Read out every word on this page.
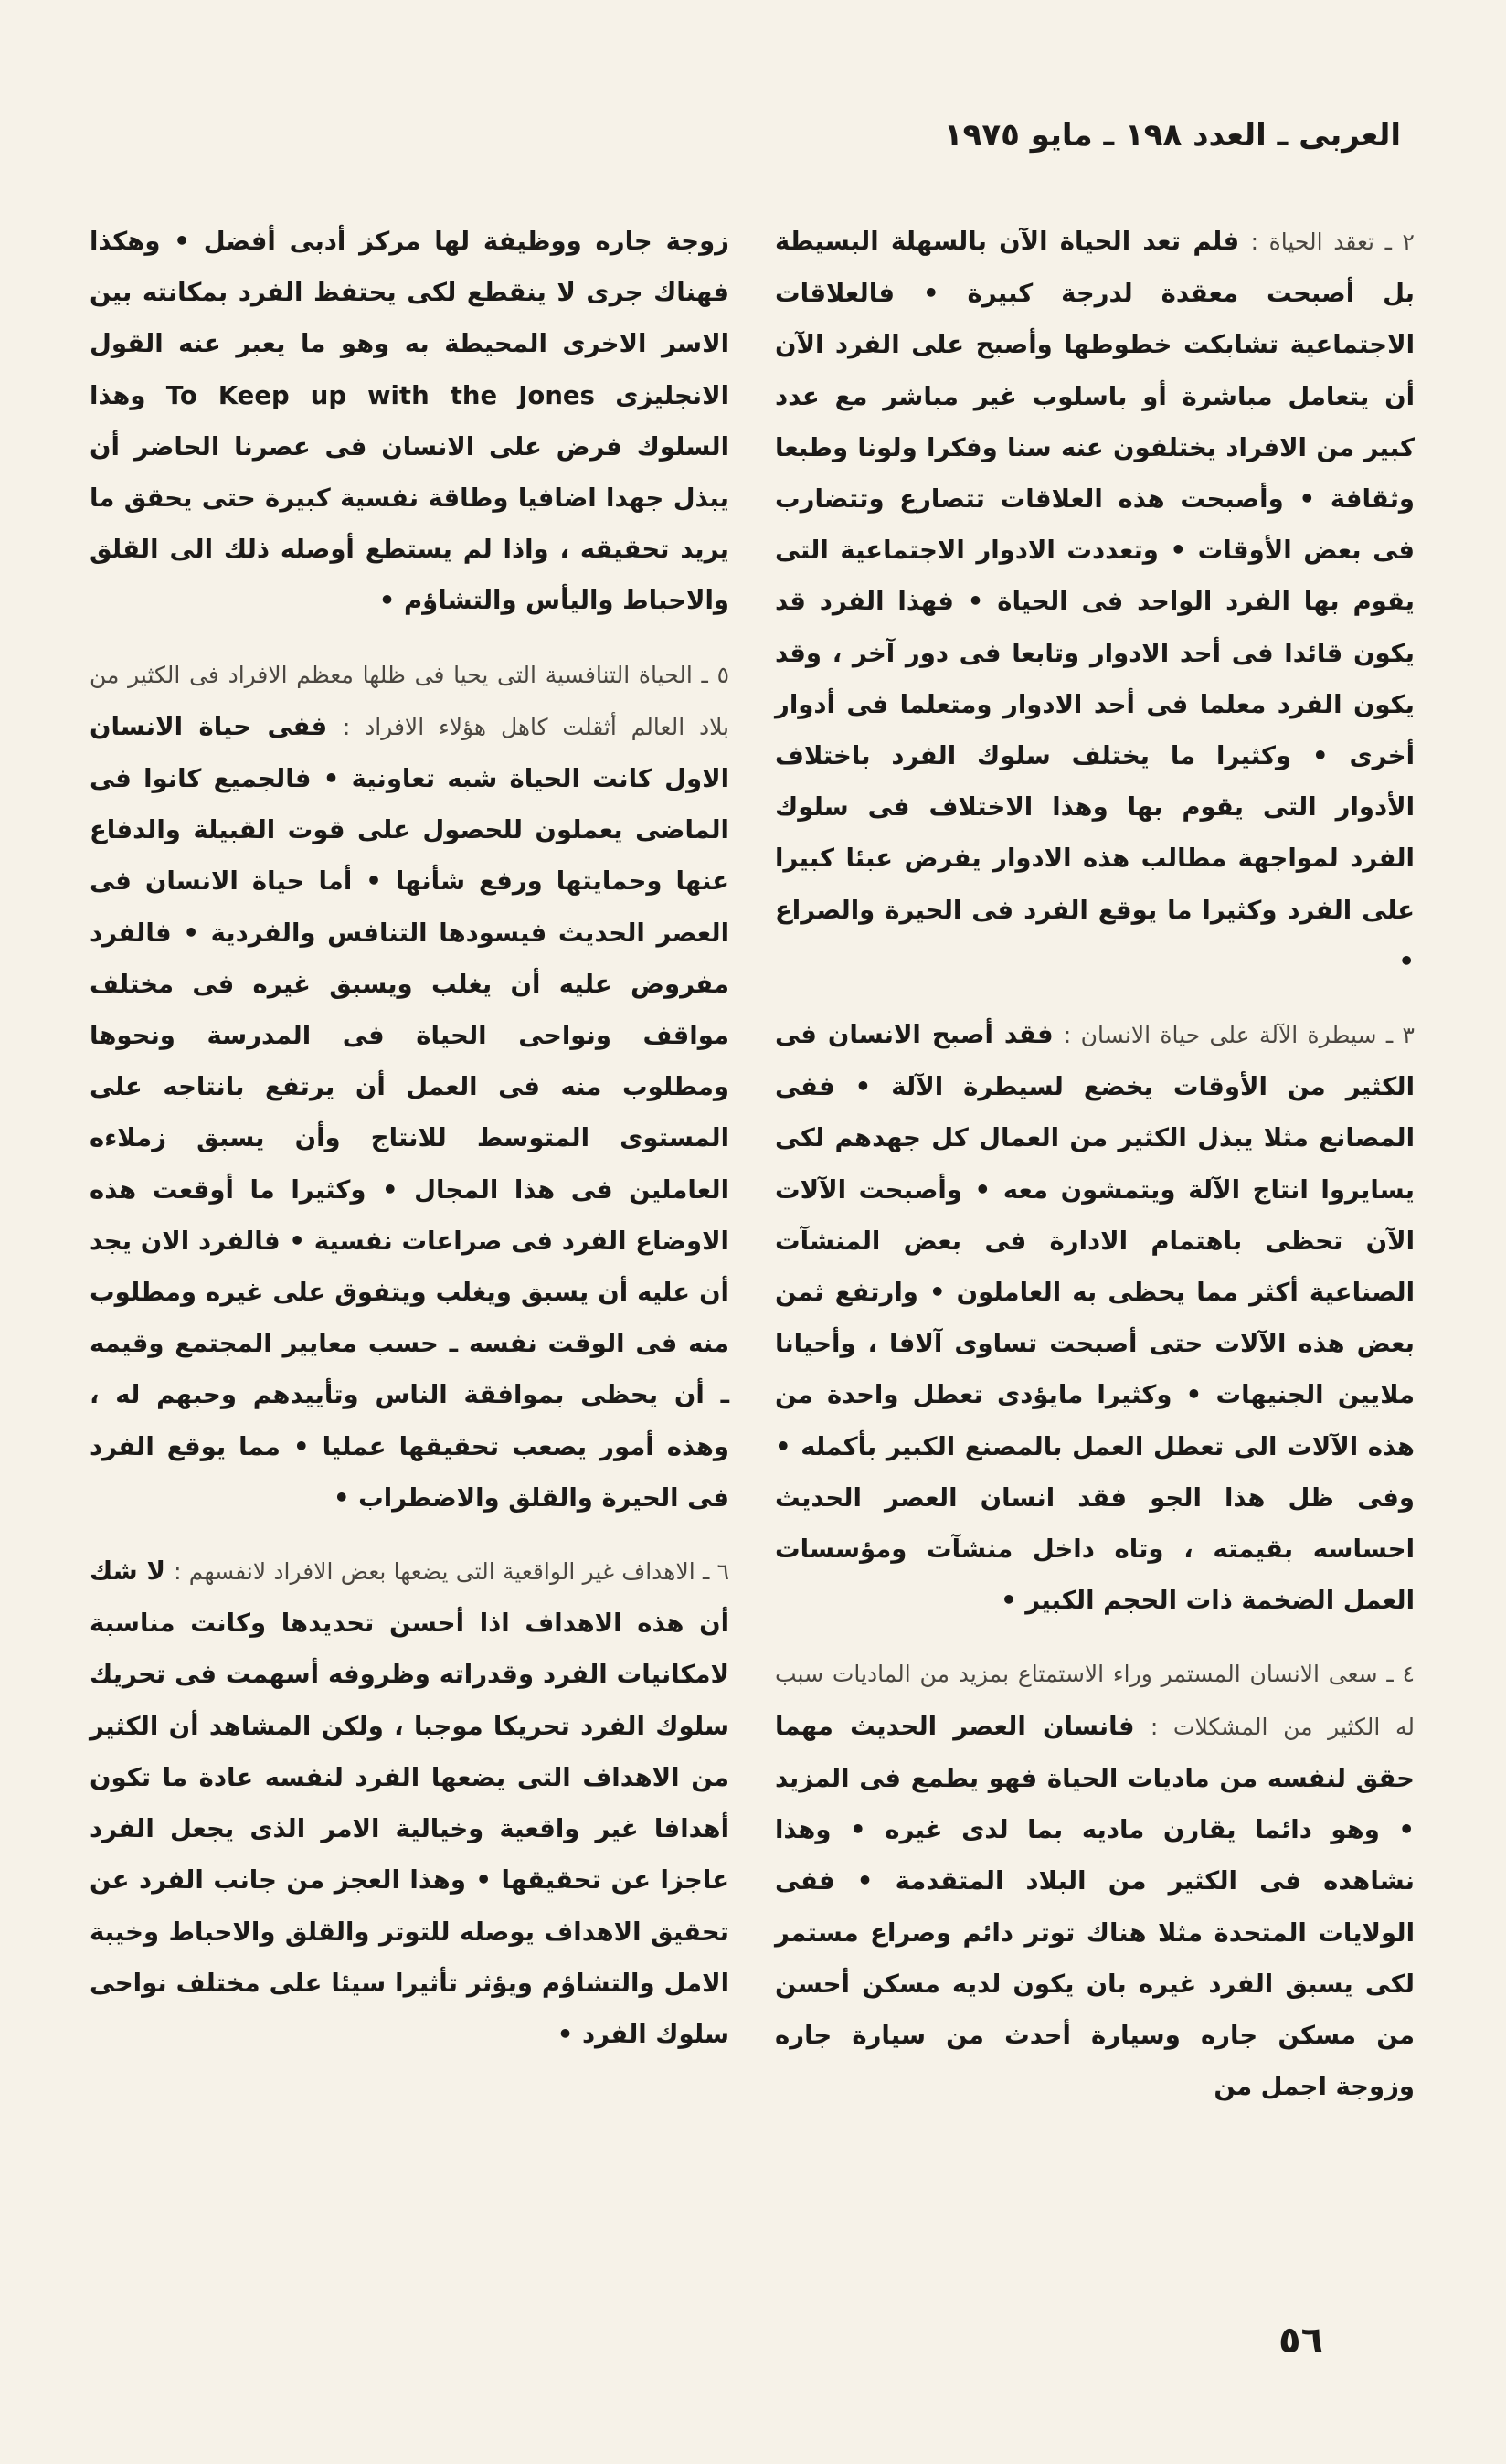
العربى ـ العدد ١٩٨ ـ مايو ١٩٧٥

٢ ـ تعقد الحياة : فلم تعد الحياة الآن بالسهلة البسيطة بل أصبحت معقدة لدرجة كبيرة • فالعلاقات الاجتماعية تشابكت خطوطها وأصبح على الفرد الآن أن يتعامل مباشرة أو باسلوب غير مباشر مع عدد كبير من الافراد يختلفون عنه سنا وفكرا ولونا وطبعا وثقافة • وأصبحت هذه العلاقات تتصارع وتتضارب فى بعض الأوقات • وتعددت الادوار الاجتماعية التى يقوم بها الفرد الواحد فى الحياة • فهذا الفرد قد يكون قائدا فى أحد الادوار وتابعا فى دور آخر ، وقد يكون الفرد معلما فى أحد الادوار ومتعلما فى أدوار أخرى • وكثيرا ما يختلف سلوك الفرد باختلاف الأدوار التى يقوم بها وهذا الاختلاف فى سلوك الفرد لمواجهة مطالب هذه الادوار يفرض عبئا كبيرا على الفرد وكثيرا ما يوقع الفرد فى الحيرة والصراع •

٣ ـ سيطرة الآلة على حياة الانسان : فقد أصبح الانسان فى الكثير من الأوقات يخضع لسيطرة الآلة • ففى المصانع مثلا يبذل الكثير من العمال كل جهدهم لكى يسايروا انتاج الآلة ويتمشون معه • وأصبحت الآلات الآن تحظى باهتمام الادارة فى بعض المنشآت الصناعية أكثر مما يحظى به العاملون • وارتفع ثمن بعض هذه الآلات حتى أصبحت تساوى آلافا ، وأحيانا ملايين الجنيهات • وكثيرا مايؤدى تعطل واحدة من هذه الآلات الى تعطل العمل بالمصنع الكبير بأكمله • وفى ظل هذا الجو فقد انسان العصر الحديث احساسه بقيمته ، وتاه داخل منشآت ومؤسسات العمل الضخمة ذات الحجم الكبير •

٤ ـ سعى الانسان المستمر وراء الاستمتاع بمزيد من الماديات سبب له الكثير من المشكلات : فانسان العصر الحديث مهما حقق لنفسه من ماديات الحياة فهو يطمع فى المزيد • وهو دائما يقارن ماديه بما لدى غيره • وهذا نشاهده فى الكثير من البلاد المتقدمة • ففى الولايات المتحدة مثلا هناك توتر دائم وصراع مستمر لكى يسبق الفرد غيره بان يكون لديه مسكن أحسن من مسكن جاره وسيارة أحدث من سيارة جاره وزوجة اجمل من

زوجة جاره ووظيفة لها مركز أدبى أفضل • وهكذا فهناك جرى لا ينقطع لكى يحتفظ الفرد بمكانته بين الاسر الاخرى المحيطة به وهو ما يعبر عنه القول الانجليزى To Keep up with the Jones وهذا السلوك فرض على الانسان فى عصرنا الحاضر أن يبذل جهدا اضافيا وطاقة نفسية كبيرة حتى يحقق ما يريد تحقيقه ، واذا لم يستطع أوصله ذلك الى القلق والاحباط واليأس والتشاؤم •

٥ ـ الحياة التنافسية التى يحيا فى ظلها معظم الافراد فى الكثير من بلاد العالم أثقلت كاهل هؤلاء الافراد : ففى حياة الانسان الاول كانت الحياة شبه تعاونية • فالجميع كانوا فى الماضى يعملون للحصول على قوت القبيلة والدفاع عنها وحمايتها ورفع شأنها • أما حياة الانسان فى العصر الحديث فيسودها التنافس والفردية • فالفرد مفروض عليه أن يغلب ويسبق غيره فى مختلف مواقف ونواحى الحياة فى المدرسة ونحوها ومطلوب منه فى العمل أن يرتفع بانتاجه على المستوى المتوسط للانتاج وأن يسبق زملاءه العاملين فى هذا المجال • وكثيرا ما أوقعت هذه الاوضاع الفرد فى صراعات نفسية • فالفرد الان يجد أن عليه أن يسبق ويغلب ويتفوق على غيره ومطلوب منه فى الوقت نفسه ـ حسب معايير المجتمع وقيمه ـ أن يحظى بموافقة الناس وتأييدهم وحبهم له ، وهذه أمور يصعب تحقيقها عمليا • مما يوقع الفرد فى الحيرة والقلق والاضطراب •

٦ ـ الاهداف غير الواقعية التى يضعها بعض الافراد لانفسهم : لا شك أن هذه الاهداف اذا أحسن تحديدها وكانت مناسبة لامكانيات الفرد وقدراته وظروفه أسهمت فى تحريك سلوك الفرد تحريكا موجبا ، ولكن المشاهد أن الكثير من الاهداف التى يضعها الفرد لنفسه عادة ما تكون أهدافا غير واقعية وخيالية الامر الذى يجعل الفرد عاجزا عن تحقيقها • وهذا العجز من جانب الفرد عن تحقيق الاهداف يوصله للتوتر والقلق والاحباط وخيبة الامل والتشاؤم ويؤثر تأثيرا سيئا على مختلف نواحى سلوك الفرد •

٥٦
